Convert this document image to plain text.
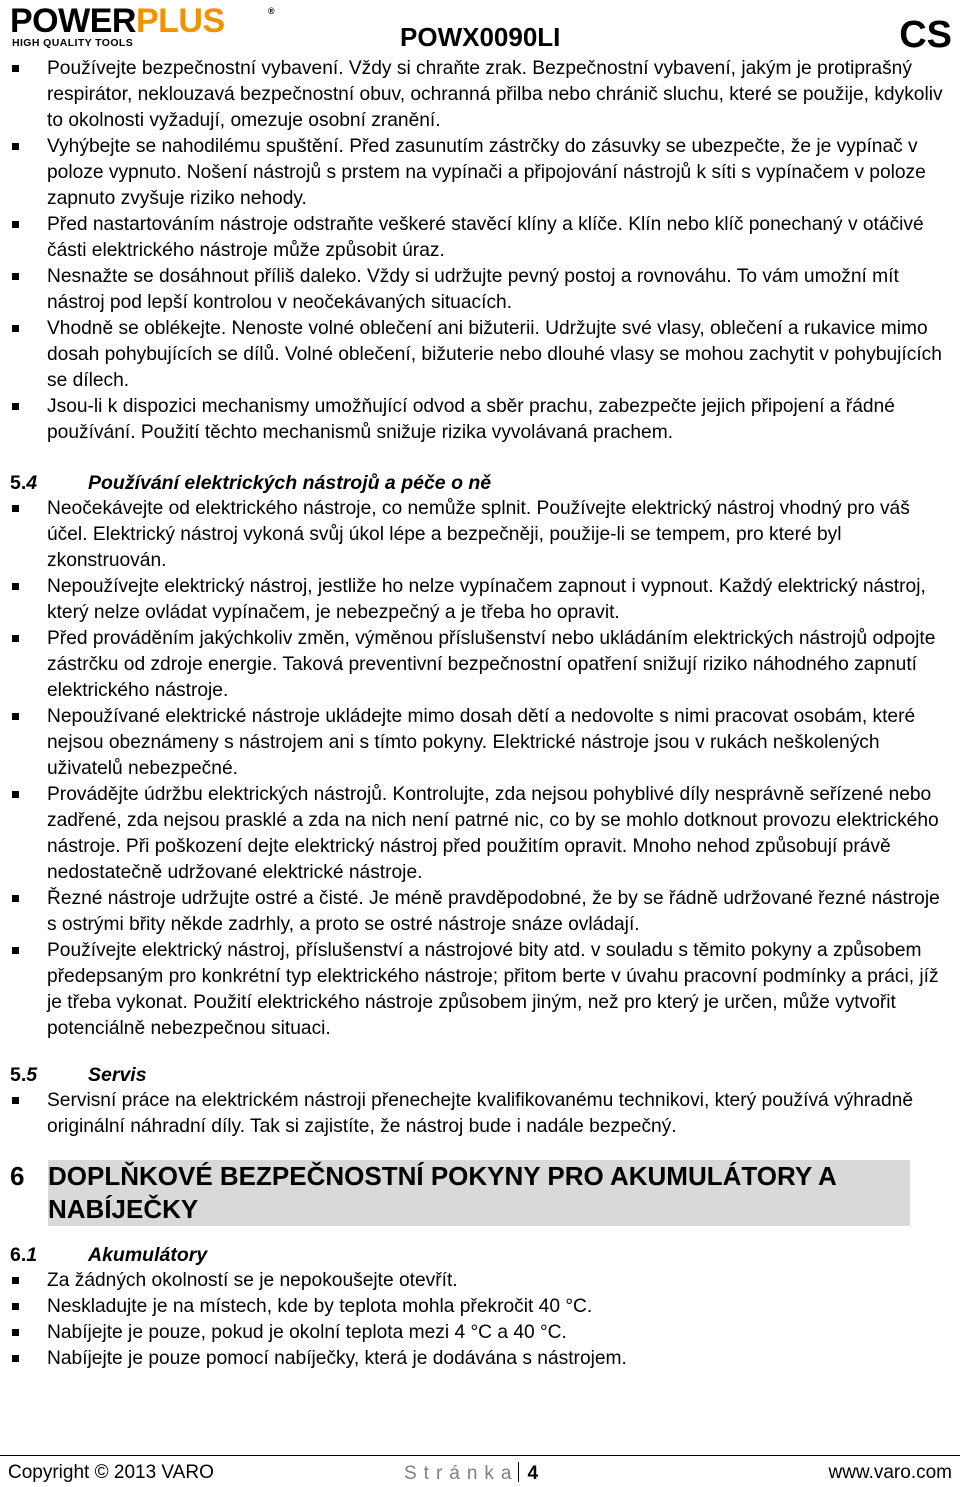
POWERPLUS	®
HIGH QUALITY TOOLS	POWX0090LI	CS
Používejte bezpečnostní vybavení. Vždy si chraňte zrak. Bezpečnostní vybavení, jakým je protiprašný respirátor, neklouzavá bezpečnostní obuv, ochranná přilba nebo chránič sluchu, které se použije, kdykoliv to okolnosti vyžadují, omezuje osobní zranění.
Vyhýbejte se nahodilému spuštění. Před zasunutím zástrčky do zásuvky se ubezpečte, že je vypínač v poloze vypnuto. Nošení nástrojů s prstem na vypínači a připojování nástrojů k síti s vypínačem v poloze zapnuto zvyšuje riziko nehody.
Před nastartováním nástroje odstraňte veškeré stavěcí klíny a klíče. Klín nebo klíč ponechaný v otáčivé části elektrického nástroje může způsobit úraz.
Nesnažte se dosáhnout příliš daleko. Vždy si udržujte pevný postoj a rovnováhu. To vám umožní mít nástroj pod lepší kontrolou v neočekávaných situacích.
Vhodně se oblékejte. Nenoste volné oblečení ani bižuterii. Udržujte své vlasy, oblečení a rukavice mimo dosah pohybujících se dílů. Volné oblečení, bižuterie nebo dlouhé vlasy se mohou zachytit v pohybujících se dílech.
Jsou-li k dispozici mechanismy umožňující odvod a sběr prachu, zabezpečte jejich připojení a řádné používání. Použití těchto mechanismů snižuje rizika vyvolávaná prachem.
5.4	Používání elektrických nástrojů a péče o ně
Neočekávejte od elektrického nástroje, co nemůže splnit. Používejte elektrický nástroj vhodný pro váš účel. Elektrický nástroj vykoná svůj úkol lépe a bezpečněji, použije-li se tempem, pro které byl zkonstruován.
Nepoužívejte elektrický nástroj, jestliže ho nelze vypínačem zapnout i vypnout. Každý elektrický nástroj, který nelze ovládat vypínačem, je nebezpečný a je třeba ho opravit.
Před prováděním jakýchkoliv změn, výměnou příslušenství nebo ukládáním elektrických nástrojů odpojte zástrčku od zdroje energie. Taková preventivní bezpečnostní opatření snižují riziko náhodného zapnutí elektrického nástroje.
Nepoužívané elektrické nástroje ukládejte mimo dosah dětí a nedovolte s nimi pracovat osobám, které nejsou obeznámeny s nástrojem ani s tímto pokyny. Elektrické nástroje jsou v rukách neškolených uživatelů nebezpečné.
Provádějte údržbu elektrických nástrojů. Kontrolujte, zda nejsou pohyblivé díly nesprávně seřízené nebo zadřené, zda nejsou prasklé a zda na nich není patrné nic, co by se mohlo dotknout provozu elektrického nástroje. Při poškození dejte elektrický nástroj před použitím opravit. Mnoho nehod způsobují právě nedostatečně udržované elektrické nástroje.
Řezné nástroje udržujte ostré a čisté. Je méně pravděpodobné, že by se řádně udržované řezné nástroje s ostrými břity někde zadrhly, a proto se ostré nástroje snáze ovládají.
Používejte elektrický nástroj, příslušenství a nástrojové bity atd. v souladu s těmito pokyny a způsobem předepsaným pro konkrétní typ elektrického nástroje; přitom berte v úvahu pracovní podmínky a práci, jíž je třeba vykonat. Použití elektrického nástroje způsobem jiným, než pro který je určen, může vytvořit potenciálně nebezpečnou situaci.
5.5	Servis
Servisní práce na elektrickém nástroji přenechejte kvalifikovanému technikovi, který používá výhradně originální náhradní díly. Tak si zajistíte, že nástroj bude i nadále bezpečný.
6 DOPLŇKOVÉ BEZPEČNOSTNÍ POKYNY PRO AKUMULÁTORY A NABÍJEČKY
6.1	Akumulátory
Za žádných okolností se je nepokoušejte otevřít.
Neskladujte je na místech, kde by teplota mohla překročit 40 °C.
Nabíjejte je pouze, pokud je okolní teplota mezi 4 °C a 40 °C.
Nabíjejte je pouze pomocí nabíječky, která je dodávána s nástrojem.
Copyright © 2013 VARO	Stránka 4	www.varo.com
